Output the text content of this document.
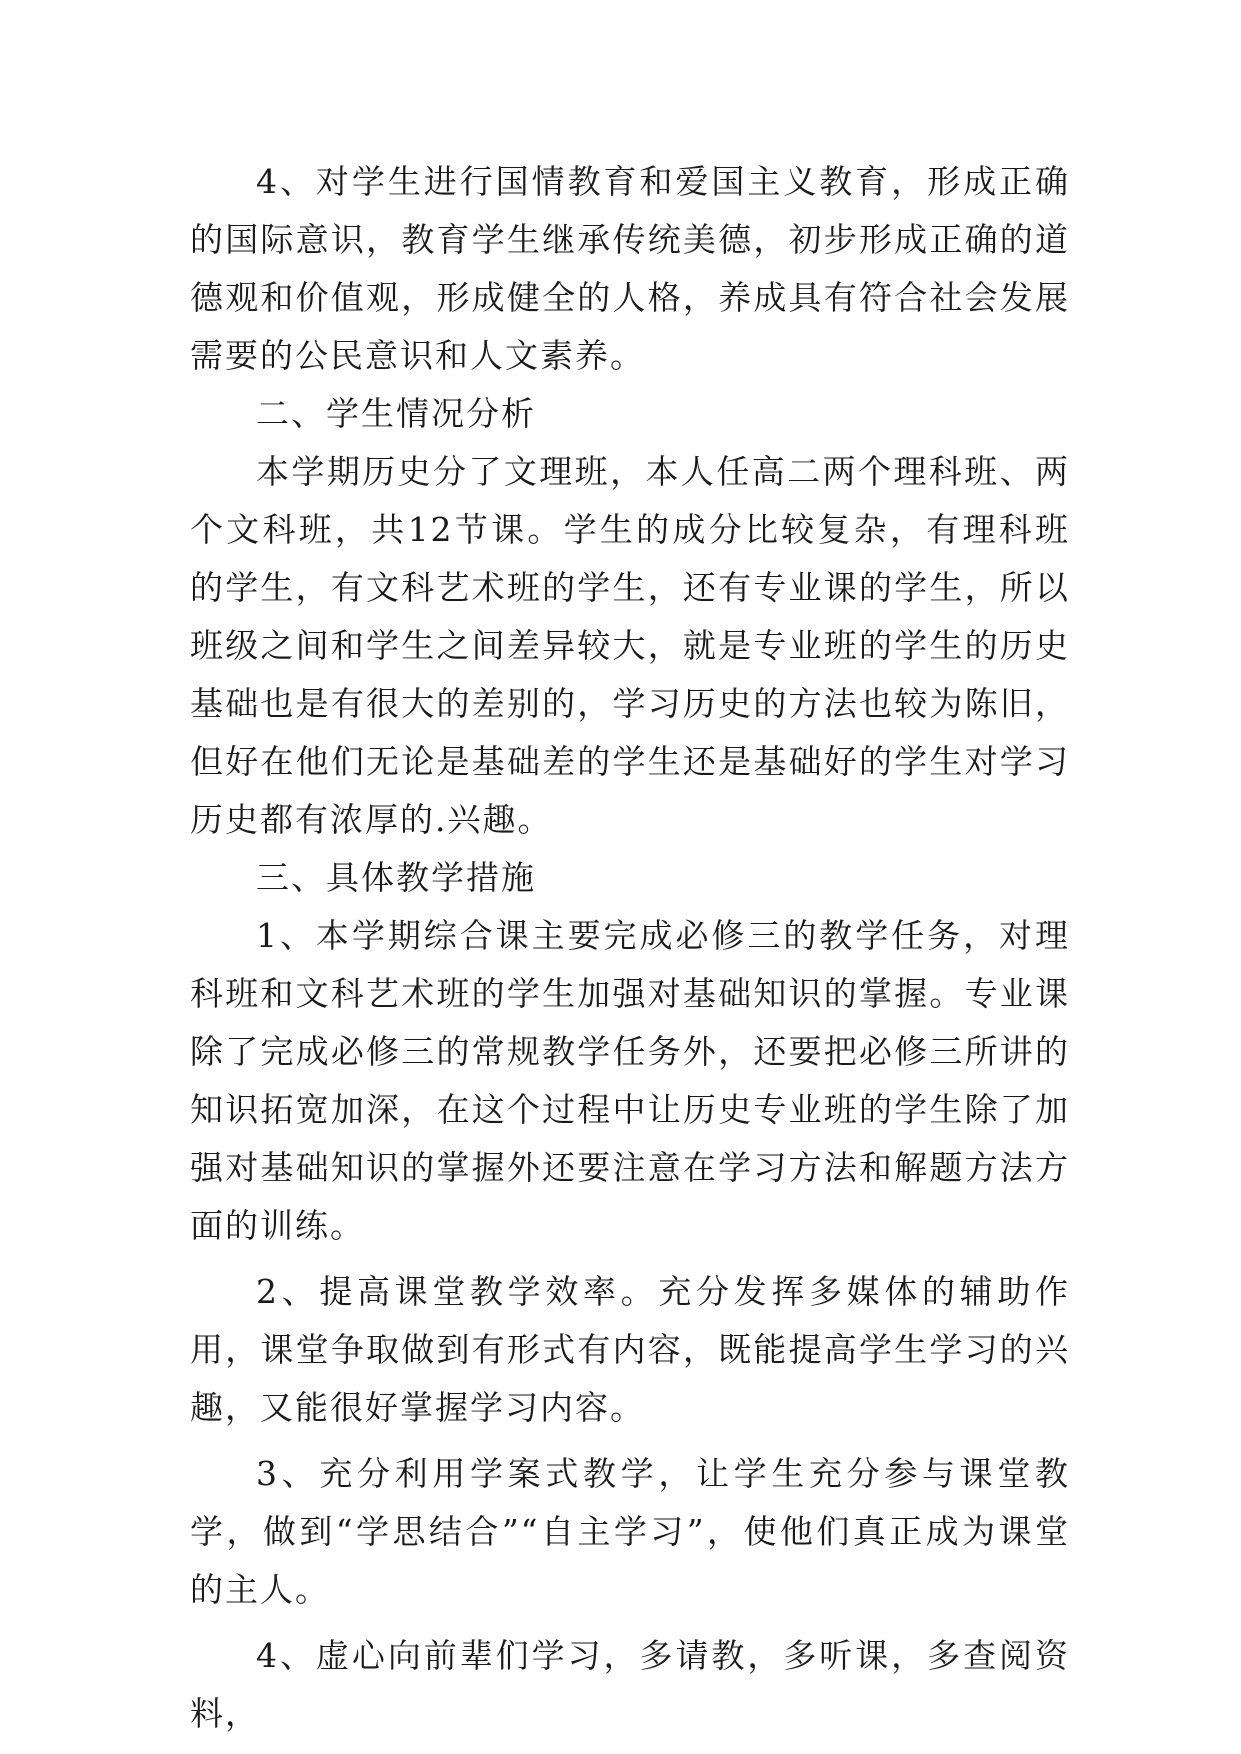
4、对学生进行国情教育和爱国主义教育，形成正确的国际意识，教育学生继承传统美德，初步形成正确的道德观和价值观，形成健全的人格，养成具有符合社会发展需要的公民意识和人文素养。

二、学生情况分析

本学期历史分了文理班，本人任高二两个理科班、两个文科班，共12节课。学生的成分比较复杂，有理科班的学生，有文科艺术班的学生，还有专业课的学生，所以班级之间和学生之间差异较大，就是专业班的学生的历史基础也是有很大的差别的，学习历史的方法也较为陈旧，但好在他们无论是基础差的学生还是基础好的学生对学习历史都有浓厚的.兴趣。

三、具体教学措施

1、本学期综合课主要完成必修三的教学任务，对理科班和文科艺术班的学生加强对基础知识的掌握。专业课除了完成必修三的常规教学任务外，还要把必修三所讲的知识拓宽加深，在这个过程中让历史专业班的学生除了加强对基础知识的掌握外还要注意在学习方法和解题方法方面的训练。

2、提高课堂教学效率。充分发挥多媒体的辅助作用，课堂争取做到有形式有内容，既能提高学生学习的兴趣，又能很好掌握学习内容。

3、充分利用学案式教学，让学生充分参与课堂教学，做到“学思结合”“自主学习”，使他们真正成为课堂的主人。

4、虚心向前辈们学习，多请教，多听课，多查阅资料，
